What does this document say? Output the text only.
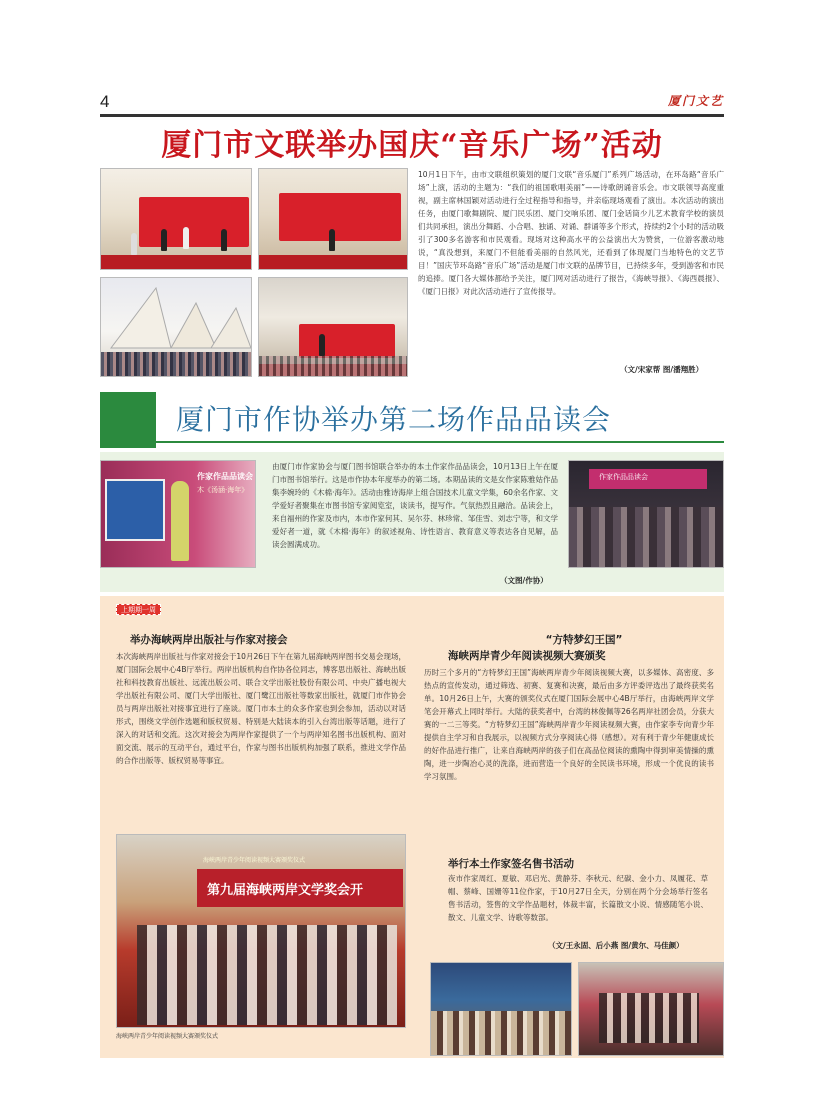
4	厦门文艺
厦门市文联举办国庆“音乐广场”活动
10月1日下午，由市文联组织策划的厦门文联“音乐厦门”系列广场活动，在环岛路“音乐广场”上演，活动的主题为：“我们的祖国歌唱美丽”——诗歌朗诵音乐会。市文联领导高度重视，副主席林国颖对活动进行全过程指导和指导，并亲临现场观看了演出。本次活动的演出任务，由厦门歌舞剧院、厦门民乐团、厦门交响乐团、厦门金话筒少儿艺术教育学校的演员们共同承担，演出分舞蹈、小合唱、独诵、对诵、群诵等多个形式，持续约2个小时的活动吸引了300多名游客和市民观看。现场对这种高水平的公益演出大为赞赏，一位游客激动地说，“真没想到，来厦门不但能看美丽的自然风光，还看到了体现厦门当地特色的文艺节目！”国庆节环岛路“音乐广场”活动是厦门市文联的品牌节目，已持续多年，受到游客和市民的追捧。厦门各大媒体都给予关注，厦门网对活动进行了报告，《海峡导报》、《海西晨报》、《厦门日报》对此次活动进行了宣传报导。
（文/宋家帮 图/潘翔胜）
厦门市作协举办第二场作品品读会
作家作品品读会
木《汤涵·海年》
由厦门市作家协会与厦门图书馆联合举办的本土作家作品品读会，10月13日上午在厦门市图书馆举行。这是市作协本年度举办的第二场。本期品读的文是女作家陈雅姑作品集李婉玲的《木棉·海年》。活动由雅诗海岸上组合国技术儿童文学集，60余名作家、文学爱好者聚集在市图书馆专家阅览室，谈读书，提写作。气氛热烈且融洽。品读会上，来自福州的作家及市内，本市作家何其、吴尔芬、林珍常、邹佳雪、刘志宁等，和文学爱好者一道，就《木棉·海年》的叙述视角、诗性语言、教育意义等表达各自见解，品读会圆满成功。
（文图/作协）
作家作品品读会
上期期一周
举办海峡两岸出版社与作家对接会
本次海峡两岸出版社与作家对接会于10月26日下午在第九届海峡两岸图书交易会现场，厦门国际会展中心4B厅举行。两岸出版机构自作协各位同志，博客思出版社、海峡出版社和科技教育出版社、远流出版公司、联合文学出版社股份有限公司、中央广播电视大学出版社有限公司、厦门大学出版社、厦门鹭江出版社等数家出版社，就厦门市作协会员与两岸出版社对接事宜进行了座谈。厦门市本土的众多作家也到会参加，活动以对话形式，围绕文学创作选题和版权贸易、特别是大陆读本的引入台湾出版等话题，进行了深入的对话和交流。这次对接会为两岸作家提供了一个与两岸知名图书出版机构、面对面交流、展示的互动平台，通过平台，作家与图书出版机构加强了联系，推进文学作品的合作出版等、版权贸易等事宜。
第九届海峡两岸文学奖会开
海峡两岸青少年阅读视频大赛颁奖仪式
海峡两岸青少年阅读视频大赛颁奖仪式
“方特梦幻王国”
海峡两岸青少年阅读视频大赛颁奖
历时三个多月的“方特梦幻王国”海峡两岸青少年阅读视频大赛，以多媒体、高密度、多热点的宣传发动，通过筛选、初赛、复赛和决赛，最后由多方评委评选出了最终获奖名单。10月26日上午，大赛的颁奖仪式在厦门国际会展中心4B厅举行，由海峡两岸文学笔会开幕式上同时举行。大陆的获奖者中，台湾的林俊佩等26名两岸社团会员，分获大赛的一二三等奖。“方特梦幻王国”海峡两岸青少年阅读视频大赛，由作家李专向青少年提供自主学习和自我展示，以视频方式分享阅读心得（感想）。对有利于青少年健康成长的好作品进行推广，让来自海峡两岸的孩子们在高品位阅读的熏陶中得到审美情操的熏陶，进一步陶冶心灵的洗涤，进而营造一个良好的全民读书环境，形成一个优良的读书学习氛围。
举行本土作家签名售书活动
夜市作家周红、夏敏、邓启光、黄静芬、李秋元、纪碳、金小力、凤履花、草帽、蔡峰、国姗等11位作家，于10月27日全天，分别在两个分会场举行签名售书活动，签售的文学作品题材，体裁丰富，长篇散文小说、情感随笔小说、散文、儿童文学、诗歌等数部。
（文/王永固、后小燕 图/黄尔、马佳颜）
